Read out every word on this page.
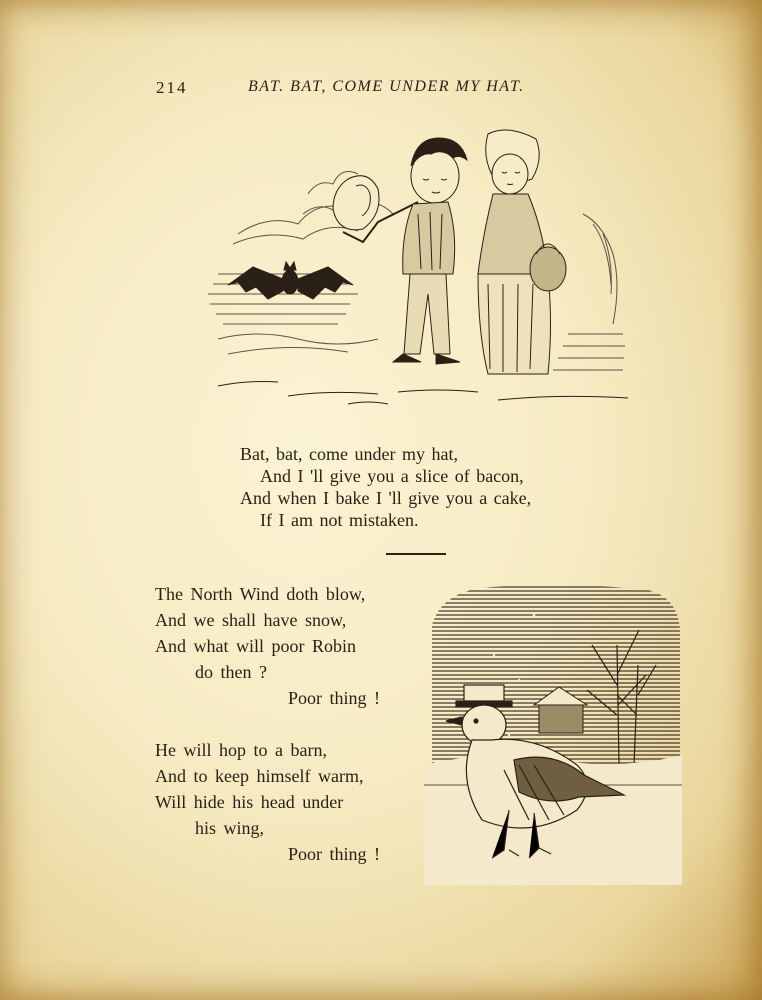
214	BAT. BAT, COME UNDER MY HAT.
Bat, bat, come under my hat,
And I 'll give you a slice of bacon,
And when I bake I 'll give you a cake,
If I am not mistaken.
The North Wind doth blow,
And we shall have snow,
And what will poor Robin
do then ?
Poor thing !
He will hop to a barn,
And to keep himself warm,
Will hide his head under
his wing,
Poor thing !
